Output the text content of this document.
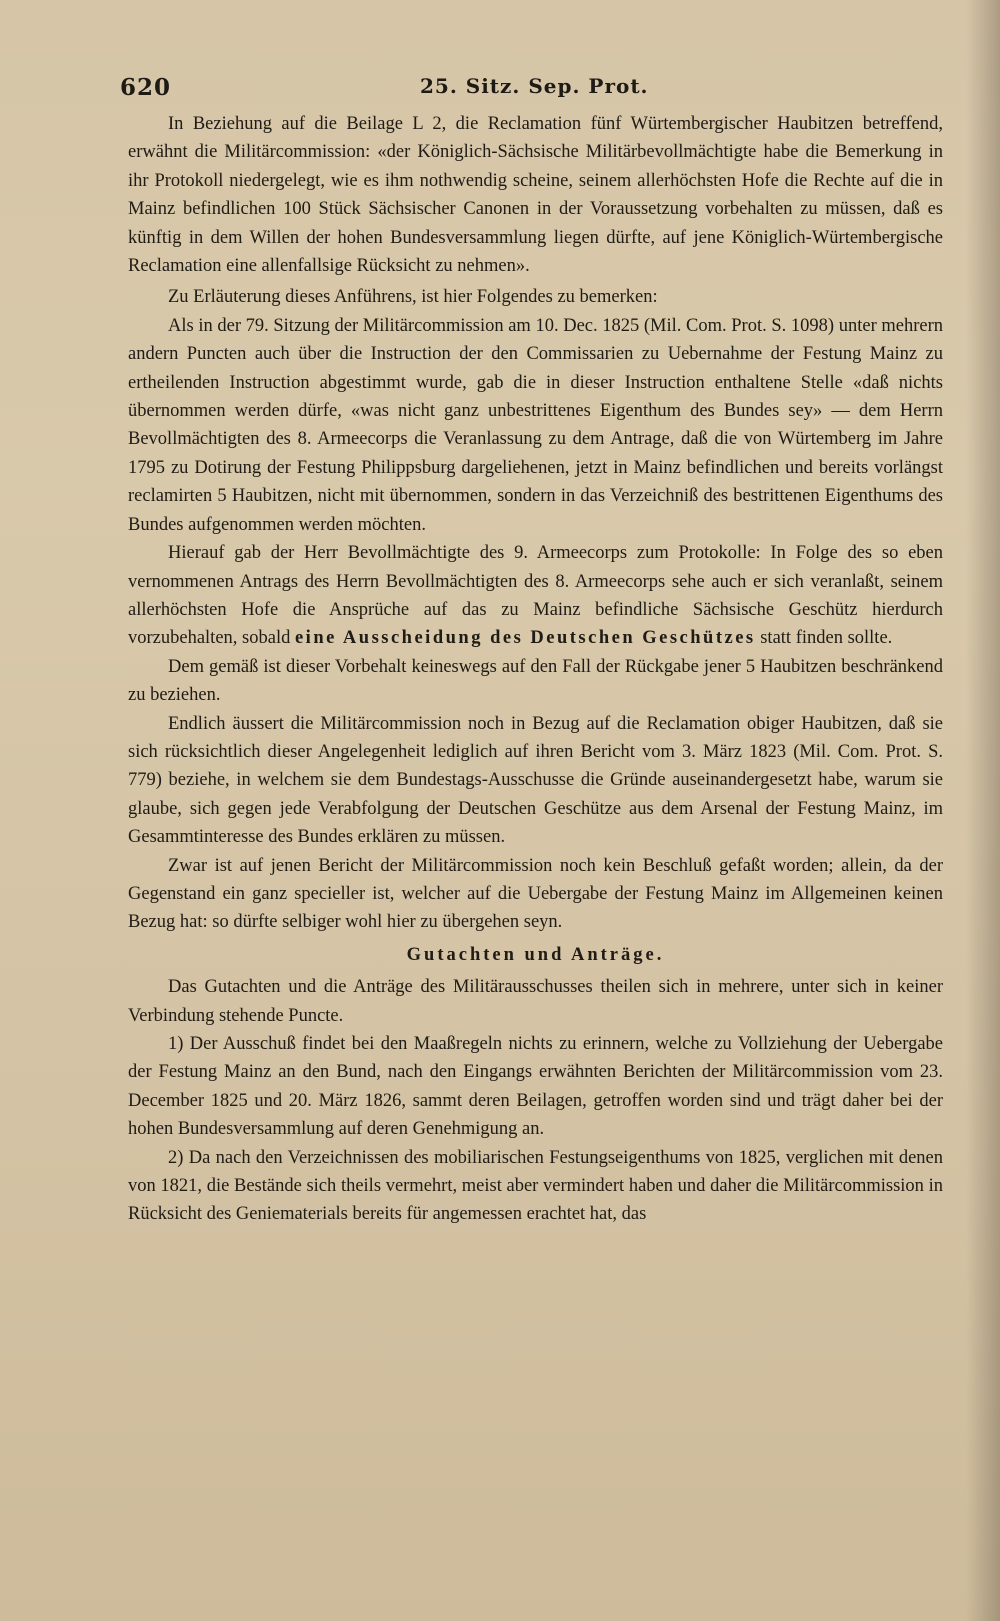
620	25. Sitz. Sep. Prot.

In Beziehung auf die Beilage L 2, die Reclamation fünf Würtembergischer Haubitzen betreffend, erwähnt die Militärcommission: «der Königlich-Sächsische Militärbevollmächtigte habe die Bemerkung in ihr Protokoll niedergelegt, wie es ihm nothwendig scheine, seinem allerhöchsten Hofe die Rechte auf die in Mainz befindlichen 100 Stück Sächsischer Canonen in der Voraussetzung vorbehalten zu müssen, daß es künftig in dem Willen der hohen Bundesversammlung liegen dürfte, auf jene Königlich-Würtembergische Reclamation eine allenfallsige Rücksicht zu nehmen».

Zu Erläuterung dieses Anführens, ist hier Folgendes zu bemerken:

Als in der 79. Sitzung der Militärcommission am 10. Dec. 1825 (Mil. Com. Prot. S. 1098) unter mehrern andern Puncten auch über die Instruction der den Commissarien zu Uebernahme der Festung Mainz zu ertheilenden Instruction abgestimmt wurde, gab die in dieser Instruction enthaltene Stelle «daß nichts übernommen werden dürfe, «was nicht ganz unbestrittenes Eigenthum des Bundes sey» — dem Herrn Bevollmächtigten des 8. Armeecorps die Veranlassung zu dem Antrage, daß die von Würtemberg im Jahre 1795 zu Dotirung der Festung Philippsburg dargeliehenen, jetzt in Mainz befindlichen und bereits vorlängst reclamirten 5 Haubitzen, nicht mit übernommen, sondern in das Verzeichniß des bestrittenen Eigenthums des Bundes aufgenommen werden möchten.

Hierauf gab der Herr Bevollmächtigte des 9. Armeecorps zum Protokolle: In Folge des so eben vernommenen Antrags des Herrn Bevollmächtigten des 8. Armeecorps sehe auch er sich veranlaßt, seinem allerhöchsten Hofe die Ansprüche auf das zu Mainz befindliche Sächsische Geschütz hierdurch vorzubehalten, sobald eine Ausscheidung des Deutschen Geschützes statt finden sollte.

Dem gemäß ist dieser Vorbehalt keineswegs auf den Fall der Rückgabe jener 5 Haubitzen beschränkend zu beziehen.

Endlich äussert die Militärcommission noch in Bezug auf die Reclamation obiger Haubitzen, daß sie sich rücksichtlich dieser Angelegenheit lediglich auf ihren Bericht vom 3. März 1823 (Mil. Com. Prot. S. 779) beziehe, in welchem sie dem Bundestags-Ausschusse die Gründe auseinandergesetzt habe, warum sie glaube, sich gegen jede Verabfolgung der Deutschen Geschütze aus dem Arsenal der Festung Mainz, im Gesammtinteresse des Bundes erklären zu müssen.

Zwar ist auf jenen Bericht der Militärcommission noch kein Beschluß gefaßt worden; allein, da der Gegenstand ein ganz specieller ist, welcher auf die Uebergabe der Festung Mainz im Allgemeinen keinen Bezug hat: so dürfte selbiger wohl hier zu übergehen seyn.

Gutachten und Anträge.

Das Gutachten und die Anträge des Militärausschusses theilen sich in mehrere, unter sich in keiner Verbindung stehende Puncte.

1) Der Ausschuß findet bei den Maaßregeln nichts zu erinnern, welche zu Vollziehung der Uebergabe der Festung Mainz an den Bund, nach den Eingangs erwähnten Berichten der Militärcommission vom 23. December 1825 und 20. März 1826, sammt deren Beilagen, getroffen worden sind und trägt daher bei der hohen Bundesversammlung auf deren Genehmigung an.

2) Da nach den Verzeichnissen des mobiliarischen Festungseigenthums von 1825, verglichen mit denen von 1821, die Bestände sich theils vermehrt, meist aber vermindert haben und daher die Militärcommission in Rücksicht des Geniematerials bereits für angemessen erachtet hat, das
